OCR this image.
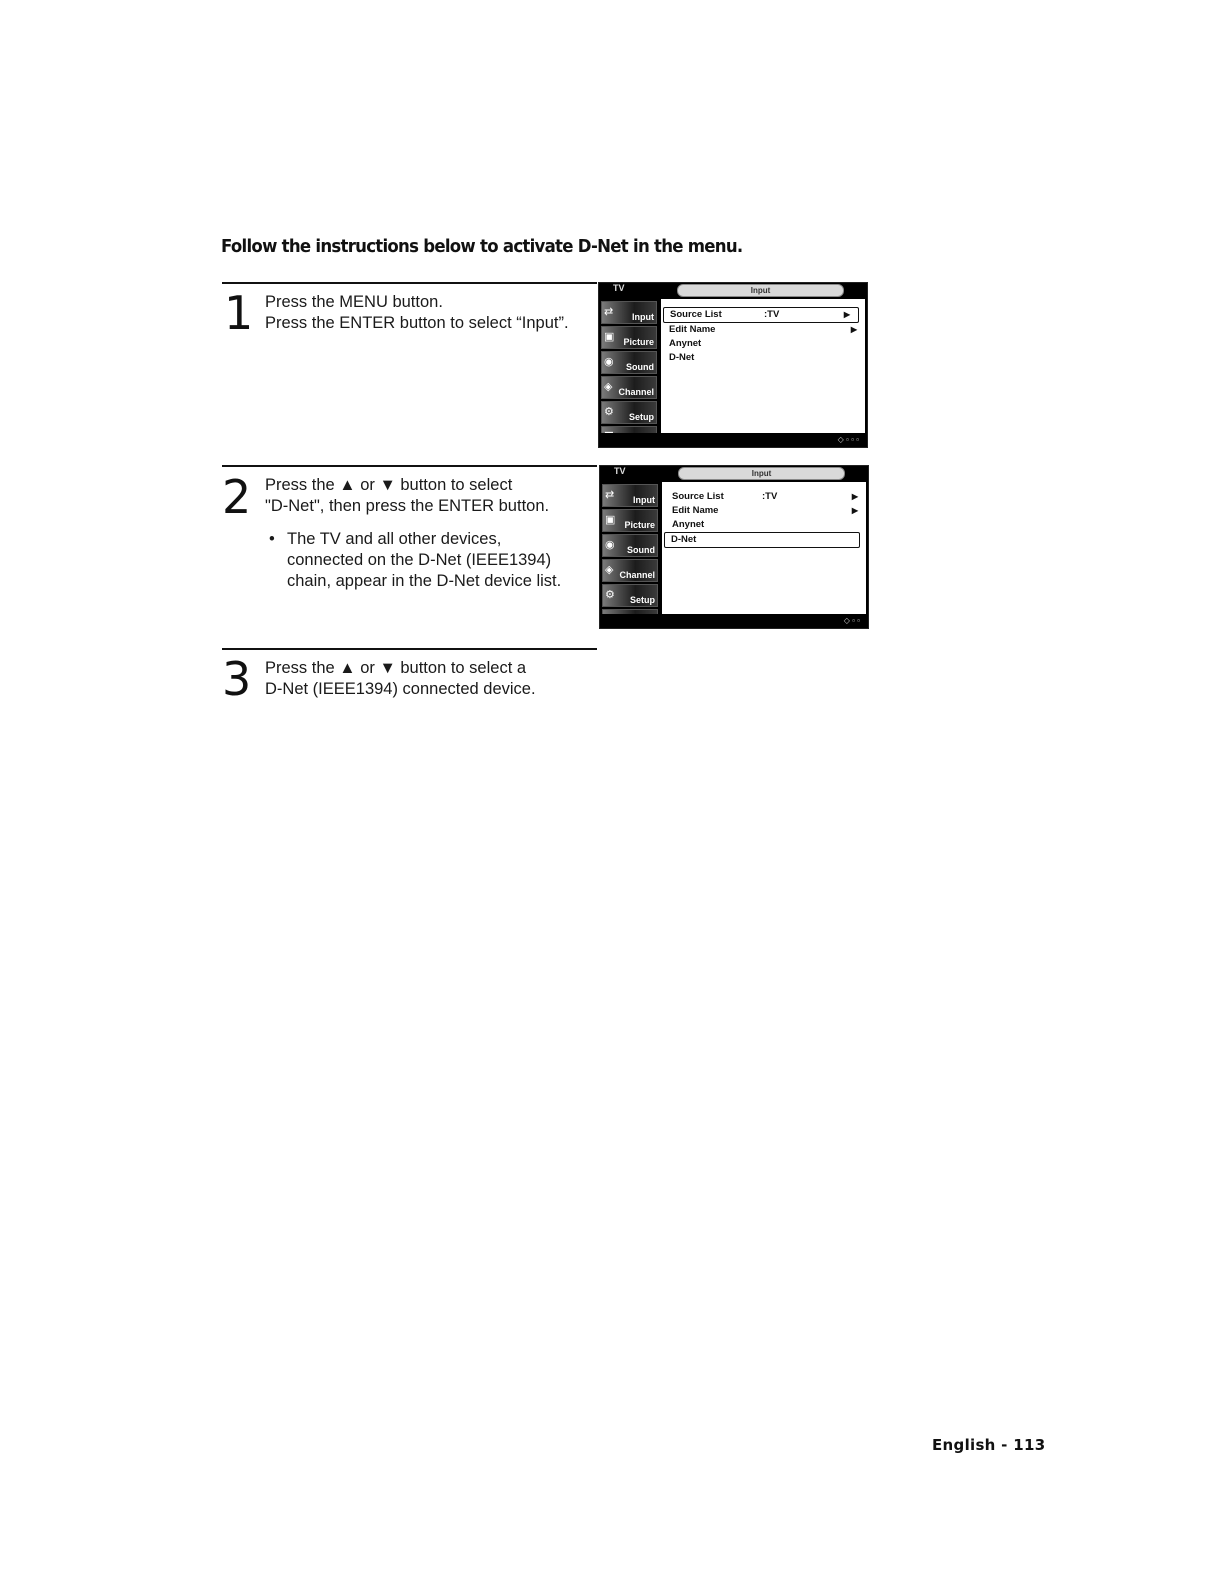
Follow the instructions below to activate D-Net in the menu.
1 Press the MENU button.
Press the ENTER button to select “Input”.
TV	Input
⇄ Input
▣ Picture
◉ Sound
◈ Channel
⚙ Setup
Source List	:TV	▶
Edit Name	▶
Anynet
D-Net
◇ ▫ ▫ ▫
2 Press the ▲ or ▼ button to select
"D-Net", then press the ENTER button.
• The TV and all other devices,
connected on the D-Net (IEEE1394)
chain, appear in the D-Net device list.
TV	Input
⇄ Input
▣ Picture
◉ Sound
◈ Channel
⚙ Setup
Source List	:TV	▶
Edit Name	▶
Anynet
D-Net
◇ ▫ ▫
3 Press the ▲ or ▼ button to select a
D-Net (IEEE1394) connected device.
English - 113
